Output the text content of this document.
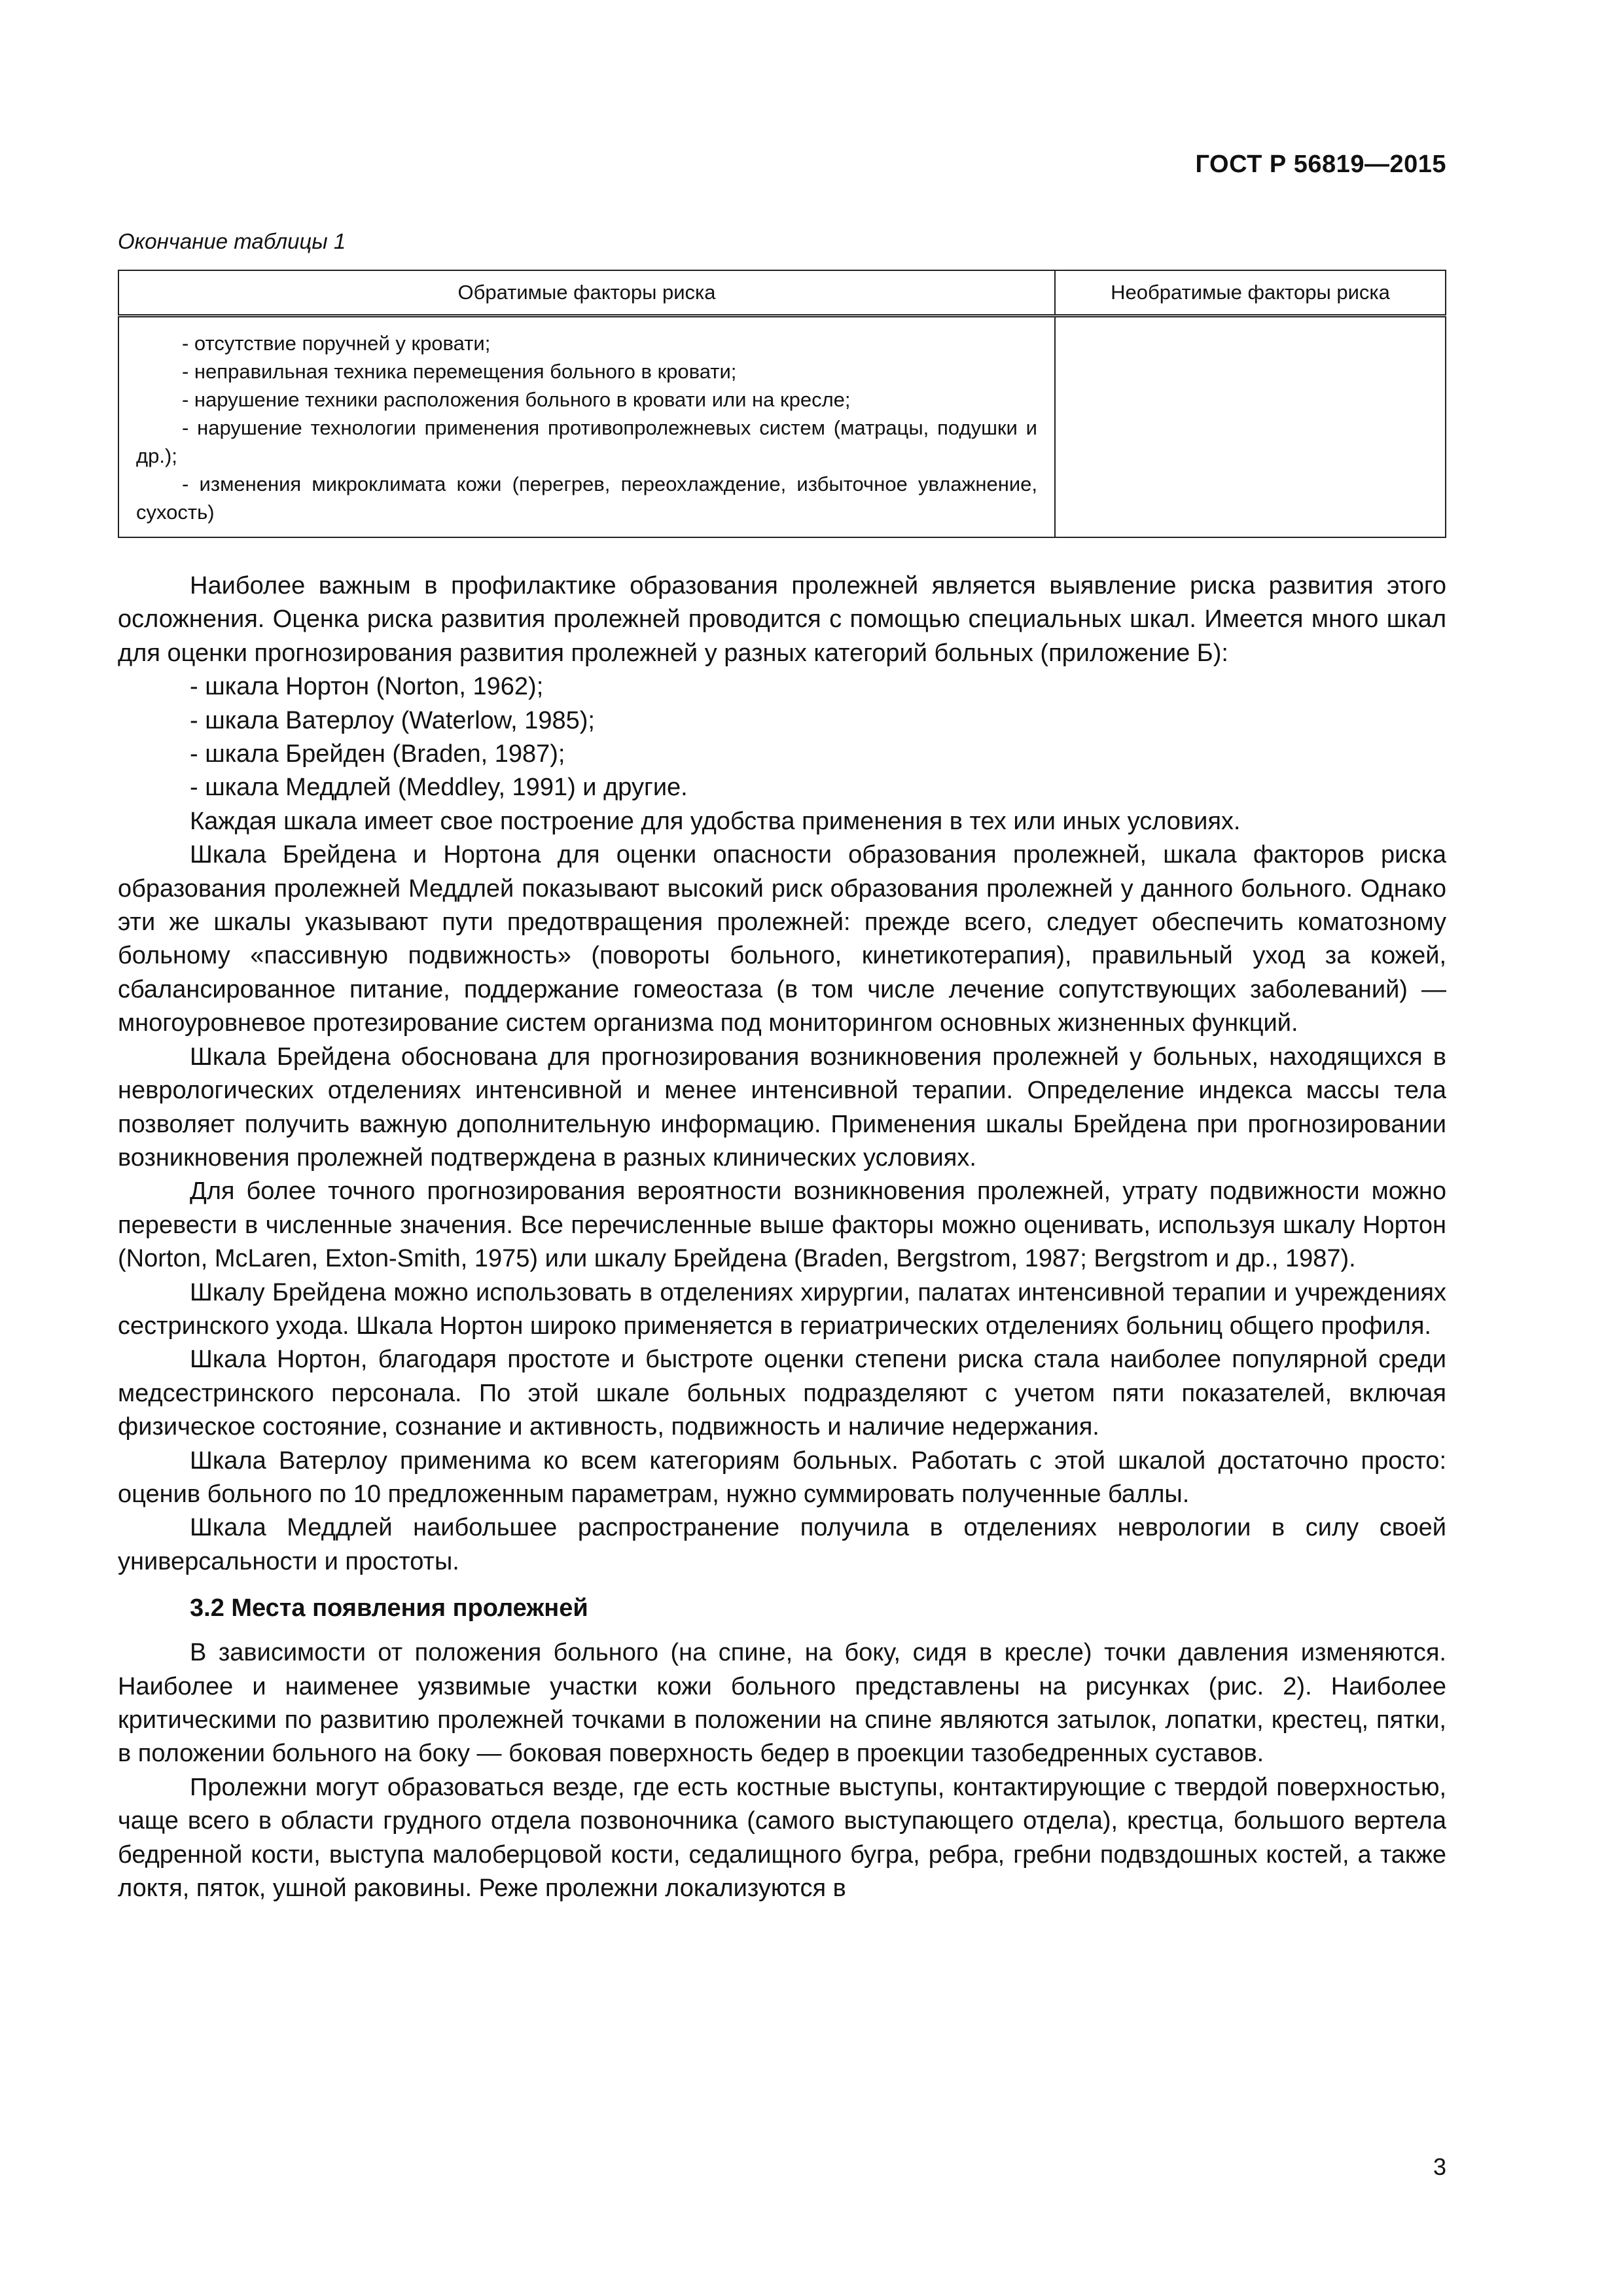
ГОСТ Р 56819—2015
Окончание таблицы 1
Обратимые факторы риска	Необратимые факторы риска

- отсутствие поручней у кровати;
- неправильная техника перемещения больного в кровати;
- нарушение техники расположения больного в кровати или на кресле;
- нарушение технологии применения противопролежневых систем (матрацы, подушки и др.);
- изменения микроклимата кожи (перегрев, переохлаждение, избыточное увлажнение, сухость)	

Наиболее важным в профилактике образования пролежней является выявление риска развития этого осложнения. Оценка риска развития пролежней проводится с помощью специальных шкал. Имеется много шкал для оценки прогнозирования развития пролежней у разных категорий больных (приложение Б):

- шкала Нортон (Norton, 1962);
- шкала Ватерлоу (Waterlow, 1985);
- шкала Брейден (Braden, 1987);
- шкала Меддлей (Meddley, 1991) и другие.

Каждая шкала имеет свое построение для удобства применения в тех или иных условиях.

Шкала Брейдена и Нортона для оценки опасности образования пролежней, шкала факторов риска образования пролежней Меддлей показывают высокий риск образования пролежней у данного больного. Однако эти же шкалы указывают пути предотвращения пролежней: прежде всего, следует обеспечить коматозному больному «пассивную подвижность» (повороты больного, кинетикотерапия), правильный уход за кожей, сбалансированное питание, поддержание гомеостаза (в том числе лечение сопутствующих заболеваний) — многоуровневое протезирование систем организма под мониторингом основных жизненных функций.

Шкала Брейдена обоснована для прогнозирования возникновения пролежней у больных, находящихся в неврологических отделениях интенсивной и менее интенсивной терапии. Определение индекса массы тела позволяет получить важную дополнительную информацию. Применения шкалы Брейдена при прогнозировании возникновения пролежней подтверждена в разных клинических условиях.

Для более точного прогнозирования вероятности возникновения пролежней, утрату подвижности можно перевести в численные значения. Все перечисленные выше факторы можно оценивать, используя шкалу Нортон (Norton, McLaren, Exton-Smith, 1975) или шкалу Брейдена (Braden, Bergstrom, 1987; Bergstrom и др., 1987).

Шкалу Брейдена можно использовать в отделениях хирургии, палатах интенсивной терапии и учреждениях сестринского ухода. Шкала Нортон широко применяется в гериатрических отделениях больниц общего профиля.

Шкала Нортон, благодаря простоте и быстроте оценки степени риска стала наиболее популярной среди медсестринского персонала. По этой шкале больных подразделяют с учетом пяти показателей, включая физическое состояние, сознание и активность, подвижность и наличие недержания.

Шкала Ватерлоу применима ко всем категориям больных. Работать с этой шкалой достаточно просто: оценив больного по 10 предложенным параметрам, нужно суммировать полученные баллы.

Шкала Меддлей наибольшее распространение получила в отделениях неврологии в силу своей универсальности и простоты.

3.2 Места появления пролежней

В зависимости от положения больного (на спине, на боку, сидя в кресле) точки давления изменяются. Наиболее и наименее уязвимые участки кожи больного представлены на рисунках (рис. 2). Наиболее критическими по развитию пролежней точками в положении на спине являются затылок, лопатки, крестец, пятки, в положении больного на боку — боковая поверхность бедер в проекции тазобедренных суставов.

Пролежни могут образоваться везде, где есть костные выступы, контактирующие с твердой поверхностью, чаще всего в области грудного отдела позвоночника (самого выступающего отдела), крестца, большого вертела бедренной кости, выступа малоберцовой кости, седалищного бугра, ребра, гребни подвздошных костей, а также локтя, пяток, ушной раковины. Реже пролежни локализуются в

3
